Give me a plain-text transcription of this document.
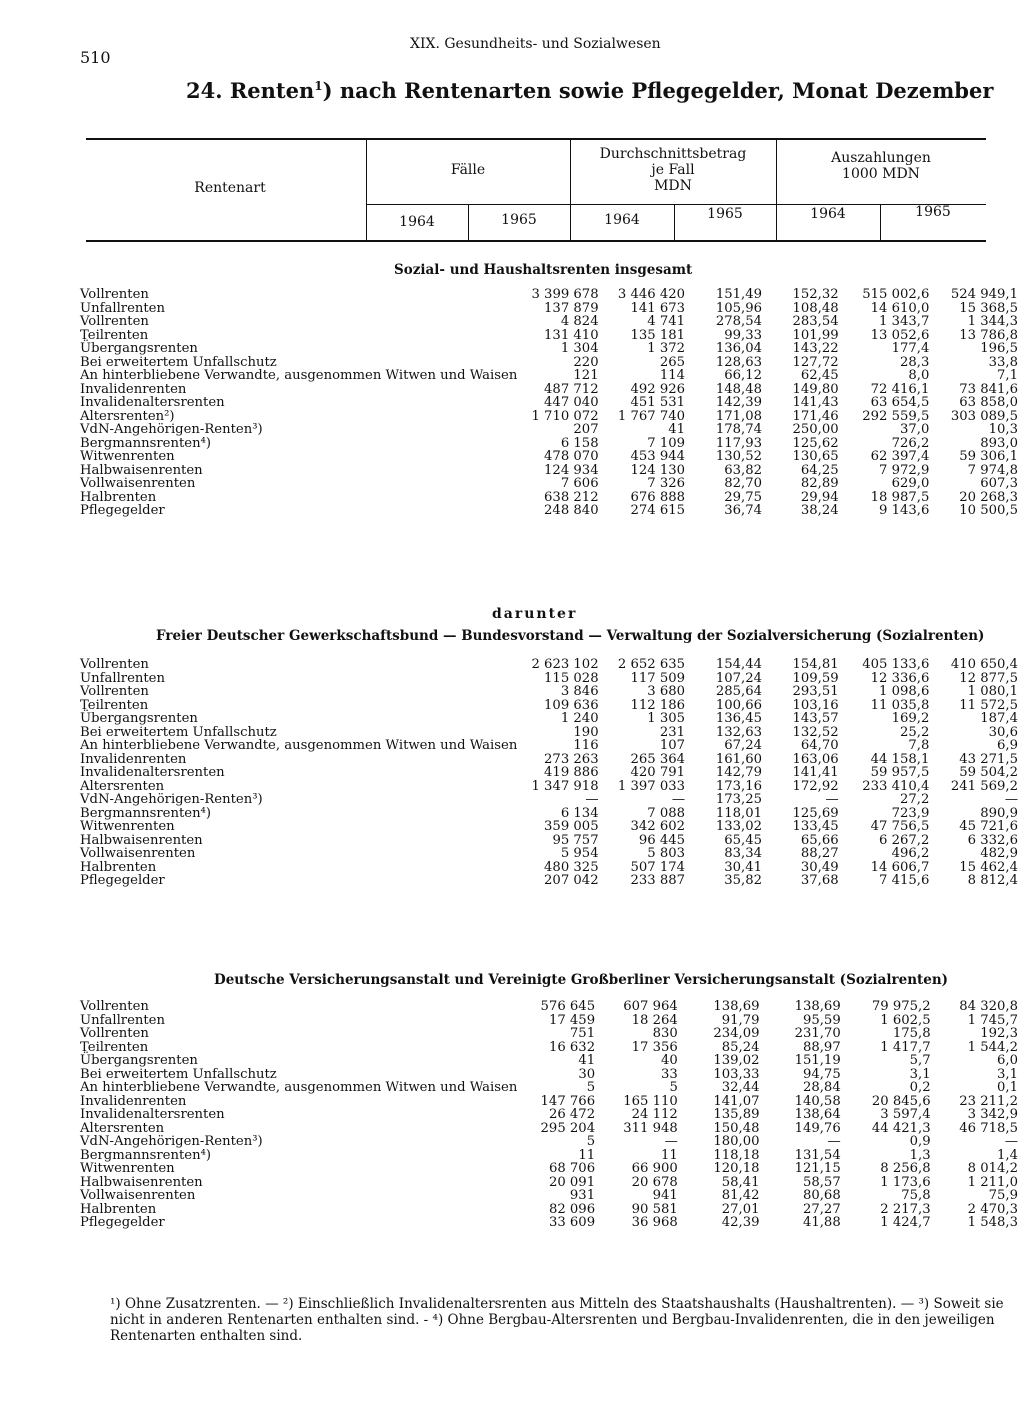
510
XIX. Gesundheits- und Sozialwesen
24. Renten$^1$) nach Rentenarten sowie Pflegegelder, Monat Dezember
Rentenart
Fälle
Durchschnittsbetrag
je Fall
MDN
Auszahlungen
1000 MDN
1964	1965	1964	1965	1964	1965
Sozial- und Haushaltsrenten insgesamt
Vollrenten	3 399 678	3 446 420	151,49	152,32	515 002,6	524 949,1
Unfallrenten	137 879	141 673	105,96	108,48	14 610,0	15 368,5
Vollrenten	4 824	4 741	278,54	283,54	1 343,7	1 344,3
Teilrenten	131 410	135 181	99,33	101,99	13 052,6	13 786,8
Übergangsrenten	1 304	1 372	136,04	143,22	177,4	196,5
Bei erweitertem Unfallschutz	220	265	128,63	127,72	28,3	33,8
An hinterbliebene Verwandte, ausgenommen Witwen und Waisen	121	114	66,12	62,45	8,0	7,1
Invalidenrenten	487 712	492 926	148,48	149,80	72 416,1	73 841,6
Invalidenaltersrenten	447 040	451 531	142,39	141,43	63 654,5	63 858,0
Altersrenten²)	1 710 072	1 767 740	171,08	171,46	292 559,5	303 089,5
VdN-Angehörigen-Renten³)	207	41	178,74	250,00	37,0	10,3
Bergmannsrenten⁴)	6 158	7 109	117,93	125,62	726,2	893,0
Witwenrenten	478 070	453 944	130,52	130,65	62 397,4	59 306,1
Halbwaisenrenten	124 934	124 130	63,82	64,25	7 972,9	7 974,8
Vollwaisenrenten	7 606	7 326	82,70	82,89	629,0	607,3
Halbrenten	638 212	676 888	29,75	29,94	18 987,5	20 268,3
Pflegegelder	248 840	274 615	36,74	38,24	9 143,6	10 500,5
darunter
Freier Deutscher Gewerkschaftsbund — Bundesvorstand — Verwaltung der Sozialversicherung (Sozialrenten)
Vollrenten	2 623 102	2 652 635	154,44	154,81	405 133,6	410 650,4
Unfallrenten	115 028	117 509	107,24	109,59	12 336,6	12 877,5
Vollrenten	3 846	3 680	285,64	293,51	1 098,6	1 080,1
Teilrenten	109 636	112 186	100,66	103,16	11 035,8	11 572,5
Übergangsrenten	1 240	1 305	136,45	143,57	169,2	187,4
Bei erweitertem Unfallschutz	190	231	132,63	132,52	25,2	30,6
An hinterbliebene Verwandte, ausgenommen Witwen und Waisen	116	107	67,24	64,70	7,8	6,9
Invalidenrenten	273 263	265 364	161,60	163,06	44 158,1	43 271,5
Invalidenaltersrenten	419 886	420 791	142,79	141,41	59 957,5	59 504,2
Altersrenten	1 347 918	1 397 033	173,16	172,92	233 410,4	241 569,2
VdN-Angehörigen-Renten³)	—	—	173,25	—	27,2	—
Bergmannsrenten⁴)	6 134	7 088	118,01	125,69	723,9	890,9
Witwenrenten	359 005	342 602	133,02	133,45	47 756,5	45 721,6
Halbwaisenrenten	95 757	96 445	65,45	65,66	6 267,2	6 332,6
Vollwaisenrenten	5 954	5 803	83,34	88,27	496,2	482,9
Halbrenten	480 325	507 174	30,41	30,49	14 606,7	15 462,4
Pflegegelder	207 042	233 887	35,82	37,68	7 415,6	8 812,4
Deutsche Versicherungsanstalt und Vereinigte Großberliner Versicherungsanstalt (Sozialrenten)
Vollrenten	576 645	607 964	138,69	138,69	79 975,2	84 320,8
Unfallrenten	17 459	18 264	91,79	95,59	1 602,5	1 745,7
Vollrenten	751	830	234,09	231,70	175,8	192,3
Teilrenten	16 632	17 356	85,24	88,97	1 417,7	1 544,2
Übergangsrenten	41	40	139,02	151,19	5,7	6,0
Bei erweitertem Unfallschutz	30	33	103,33	94,75	3,1	3,1
An hinterbliebene Verwandte, ausgenommen Witwen und Waisen	5	5	32,44	28,84	0,2	0,1
Invalidenrenten	147 766	165 110	141,07	140,58	20 845,6	23 211,2
Invalidenaltersrenten	26 472	24 112	135,89	138,64	3 597,4	3 342,9
Altersrenten	295 204	311 948	150,48	149,76	44 421,3	46 718,5
VdN-Angehörigen-Renten³)	5	—	180,00	—	0,9	—
Bergmannsrenten⁴)	11	11	118,18	131,54	1,3	1,4
Witwenrenten	68 706	66 900	120,18	121,15	8 256,8	8 014,2
Halbwaisenrenten	20 091	20 678	58,41	58,57	1 173,6	1 211,0
Vollwaisenrenten	931	941	81,42	80,68	75,8	75,9
Halbrenten	82 096	90 581	27,01	27,27	2 217,3	2 470,3
Pflegegelder	33 609	36 968	42,39	41,88	1 424,7	1 548,3
¹) Ohne Zusatzrenten. — ²) Einschließlich Invalidenaltersrenten aus Mitteln des Staatshaushalts (Haushaltrenten). — ³) Soweit sie nicht in anderen Rentenarten enthalten sind. - ⁴) Ohne Bergbau-Altersrenten und Bergbau-Invalidenrenten, die in den jeweiligen Rentenarten enthalten sind.
